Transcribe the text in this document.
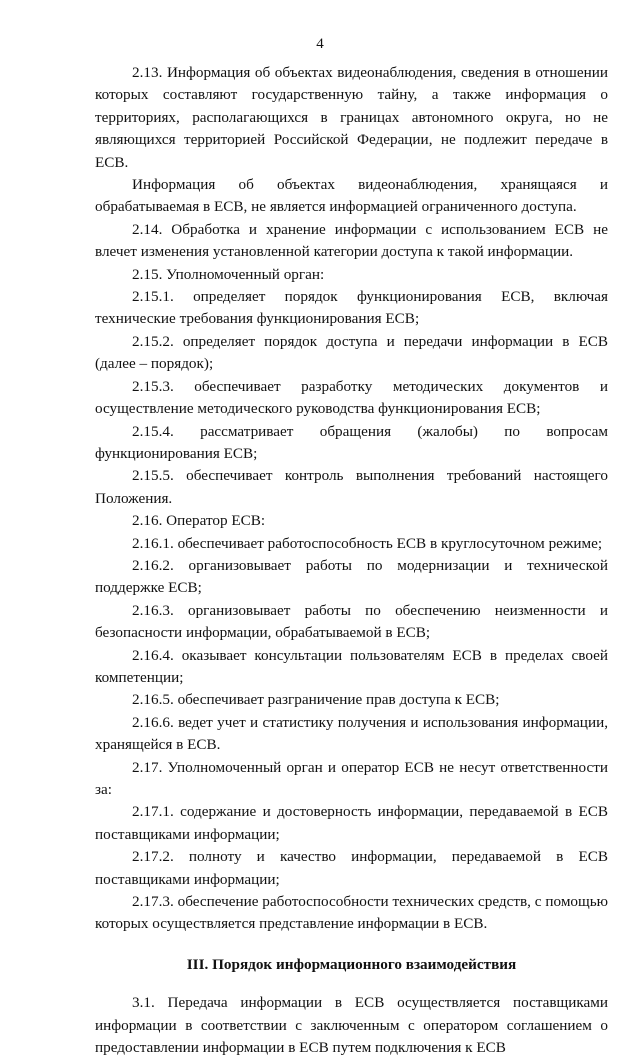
4

2.13. Информация об объектах видеонаблюдения, сведения в отношении которых составляют государственную тайну, а также информация о территориях, располагающихся в границах автономного округа, но не являющихся территорией Российской Федерации, не подлежит передаче в ЕСВ.

Информация об объектах видеонаблюдения, хранящаяся и обрабатываемая в ЕСВ, не является информацией ограниченного доступа.

2.14. Обработка и хранение информации с использованием ЕСВ не влечет изменения установленной категории доступа к такой информации.

2.15. Уполномоченный орган:

2.15.1. определяет порядок функционирования ЕСВ, включая технические требования функционирования ЕСВ;

2.15.2. определяет порядок доступа и передачи информации в ЕСВ (далее – порядок);

2.15.3. обеспечивает разработку методических документов и осуществление методического руководства функционирования ЕСВ;

2.15.4. рассматривает обращения (жалобы) по вопросам функционирования ЕСВ;

2.15.5. обеспечивает контроль выполнения требований настоящего Положения.

2.16. Оператор ЕСВ:

2.16.1. обеспечивает работоспособность ЕСВ в круглосуточном режиме;

2.16.2. организовывает работы по модернизации и технической поддержке ЕСВ;

2.16.3. организовывает работы по обеспечению неизменности и безопасности информации, обрабатываемой в ЕСВ;

2.16.4. оказывает консультации пользователям ЕСВ в пределах своей компетенции;

2.16.5. обеспечивает разграничение прав доступа к ЕСВ;

2.16.6. ведет учет и статистику получения и использования информации, хранящейся в ЕСВ.

2.17. Уполномоченный орган и оператор ЕСВ не несут ответственности за:

2.17.1. содержание и достоверность информации, передаваемой в ЕСВ поставщиками информации;

2.17.2. полноту и качество информации, передаваемой в ЕСВ поставщиками информации;

2.17.3. обеспечение работоспособности технических средств, с помощью которых осуществляется представление информации в ЕСВ.

III. Порядок информационного взаимодействия

3.1. Передача информации в ЕСВ осуществляется поставщиками информации в соответствии с заключенным с оператором соглашением о предоставлении информации в ЕСВ путем подключения к ЕСВ
